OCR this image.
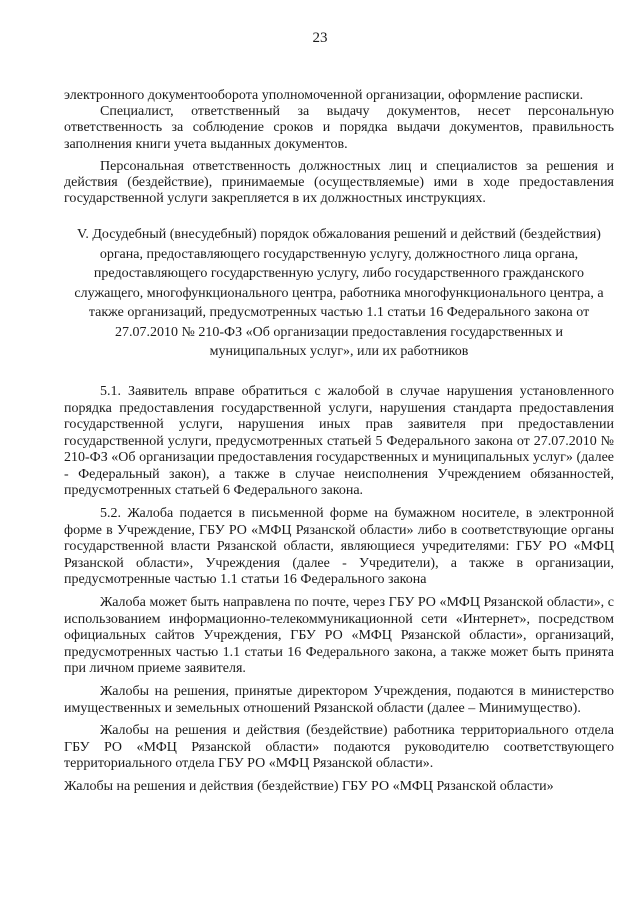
23

электронного документооборота уполномоченной организации, оформление расписки.

Специалист, ответственный за выдачу документов, несет персональную ответственность за соблюдение сроков и порядка выдачи документов, правильность заполнения книги учета выданных документов.

Персональная ответственность должностных лиц и специалистов за решения и действия (бездействие), принимаемые (осуществляемые) ими в ходе предоставления государственной услуги закрепляется в их должностных инструкциях.

V. Досудебный (внесудебный) порядок обжалования решений и действий (бездействия) органа, предоставляющего государственную услугу, должностного лица органа, предоставляющего государственную услугу, либо государственного гражданского служащего, многофункционального центра, работника многофункционального центра, а также организаций, предусмотренных частью 1.1 статьи 16 Федерального закона от 27.07.2010 № 210-ФЗ «Об организации предоставления государственных и муниципальных услуг», или их работников

5.1. Заявитель вправе обратиться с жалобой в случае нарушения установленного порядка предоставления государственной услуги, нарушения стандарта предоставления государственной услуги, нарушения иных прав заявителя при предоставлении государственной услуги, предусмотренных статьей 5 Федерального закона от 27.07.2010 № 210-ФЗ «Об организации предоставления государственных и муниципальных услуг» (далее - Федеральный закон), а также в случае неисполнения Учреждением обязанностей, предусмотренных статьей 6 Федерального закона.

5.2. Жалоба подается в письменной форме на бумажном носителе, в электронной форме в Учреждение, ГБУ РО «МФЦ Рязанской области» либо в соответствующие органы государственной власти Рязанской области, являющиеся учредителями: ГБУ РО «МФЦ Рязанской области», Учреждения (далее - Учредители), а также в организации, предусмотренные частью 1.1 статьи 16 Федерального закона

Жалоба может быть направлена по почте, через ГБУ РО «МФЦ Рязанской области», с использованием информационно-телекоммуникационной сети «Интернет», посредством официальных сайтов Учреждения, ГБУ РО «МФЦ Рязанской области», организаций, предусмотренных частью 1.1 статьи 16 Федерального закона, а также может быть принята при личном приеме заявителя.

Жалобы на решения, принятые директором Учреждения, подаются в министерство имущественных и земельных отношений Рязанской области (далее – Минимущество).

Жалобы на решения и действия (бездействие) работника территориального отдела ГБУ РО «МФЦ Рязанской области» подаются руководителю соответствующего территориального отдела ГБУ РО «МФЦ Рязанской области».

Жалобы на решения и действия (бездействие) ГБУ РО «МФЦ Рязанской области»
